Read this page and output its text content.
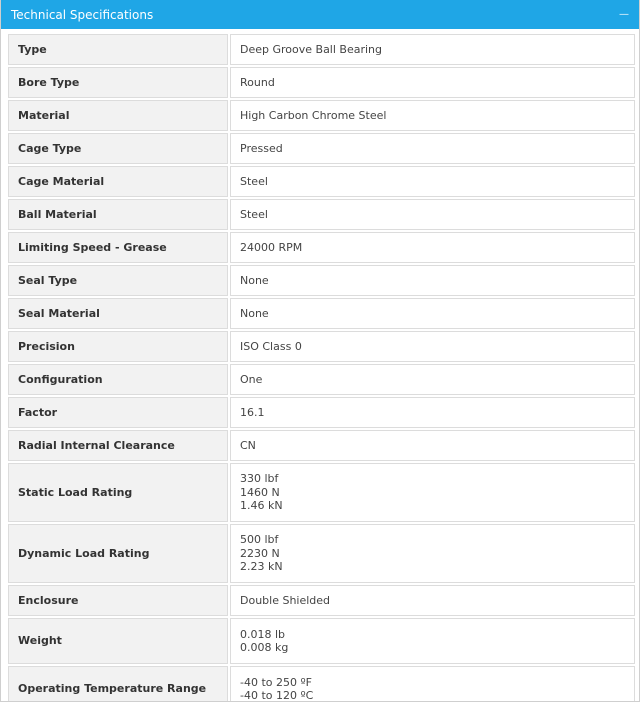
Technical Specifications	—
Type	Deep Groove Ball Bearing

Bore Type	Round

Material	High Carbon Chrome Steel

Cage Type	Pressed

Cage Material	Steel

Ball Material	Steel

Limiting Speed - Grease	24000 RPM

Seal Type	None

Seal Material	None

Precision	ISO Class 0

Configuration	One

Factor	16.1

Radial Internal Clearance	CN

Static Load Rating	330 lbf
1460 N
1.46 kN

Dynamic Load Rating	500 lbf
2230 N
2.23 kN

Enclosure	Double Shielded

Weight	0.018 lb
0.008 kg

Operating Temperature Range	-40 to 250 ºF
-40 to 120 ºC
